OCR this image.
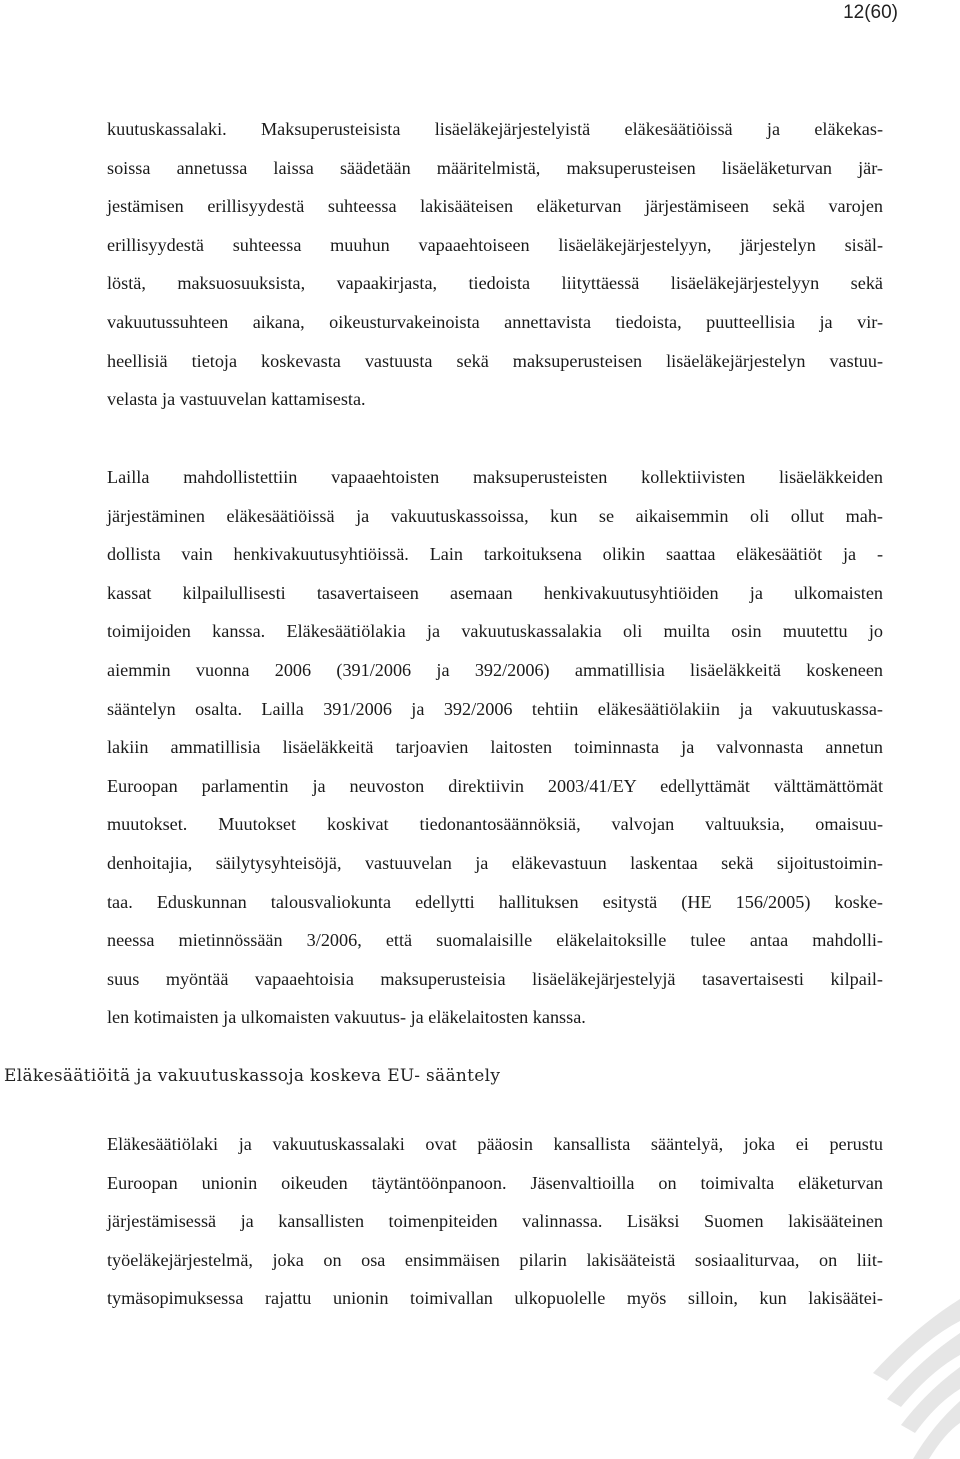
12(60)
kuutuskassalaki. Maksuperusteisista lisäeläkejärjestelyistä eläkesäätiöissä ja eläkekas-
soissa annetussa laissa säädetään määritelmistä, maksuperusteisen lisäeläketurvan jär-
jestämisen erillisyydestä suhteessa lakisääteisen eläketurvan järjestämiseen sekä varojen
erillisyydestä suhteessa muuhun vapaaehtoiseen lisäeläkejärjestelyyn, järjestelyn sisäl-
löstä, maksuosuuksista, vapaakirjasta, tiedoista liityttäessä lisäeläkejärjestelyyn sekä
vakuutussuhteen aikana, oikeusturvakeinoista annettavista tiedoista, puutteellisia ja vir-
heellisiä tietoja koskevasta vastuusta sekä maksuperusteisen lisäeläkejärjestelyn vastuu-
velasta ja vastuuvelan kattamisesta.
Lailla mahdollistettiin vapaaehtoisten maksuperusteisten kollektiivisten lisäeläkkeiden
järjestäminen eläkesäätiöissä ja vakuutuskassoissa, kun se aikaisemmin oli ollut mah-
dollista vain henkivakuutusyhtiöissä. Lain tarkoituksena olikin saattaa eläkesäätiöt ja -
kassat kilpailullisesti tasavertaiseen asemaan henkivakuutusyhtiöiden ja ulkomaisten
toimijoiden kanssa. Eläkesäätiölakia ja vakuutuskassalakia oli muilta osin muutettu jo
aiemmin vuonna 2006 (391/2006 ja 392/2006) ammatillisia lisäeläkkeitä koskeneen
sääntelyn osalta. Lailla 391/2006 ja 392/2006 tehtiin eläkesäätiölakiin ja vakuutuskassa-
lakiin ammatillisia lisäeläkkeitä tarjoavien laitosten toiminnasta ja valvonnasta annetun
Euroopan parlamentin ja neuvoston direktiivin 2003/41/EY edellyttämät välttämättömät
muutokset. Muutokset koskivat tiedonantosäännöksiä, valvojan valtuuksia, omaisuu-
denhoitajia, säilytysyhteisöjä, vastuuvelan ja eläkevastuun laskentaa sekä sijoitustoimin-
taa. Eduskunnan talousvaliokunta edellytti hallituksen esitystä (HE 156/2005) koske-
neessa mietinnössään 3/2006, että suomalaisille eläkelaitoksille tulee antaa mahdolli-
suus myöntää vapaaehtoisia maksuperusteisia lisäeläkejärjestelyjä tasavertaisesti kilpail-
len kotimaisten ja ulkomaisten vakuutus- ja eläkelaitosten kanssa.
Eläkesäätiöitä ja vakuutuskassoja koskeva EU- sääntely
Eläkesäätiölaki ja vakuutuskassalaki ovat pääosin kansallista sääntelyä, joka ei perustu
Euroopan unionin oikeuden täytäntöönpanoon. Jäsenvaltioilla on toimivalta eläketurvan
järjestämisessä ja kansallisten toimenpiteiden valinnassa. Lisäksi Suomen lakisääteinen
työeläkejärjestelmä, joka on osa ensimmäisen pilarin lakisääteistä sosiaaliturvaa, on liit-
tymäsopimuksessa rajattu unionin toimivallan ulkopuolelle myös silloin, kun lakisäätei-
